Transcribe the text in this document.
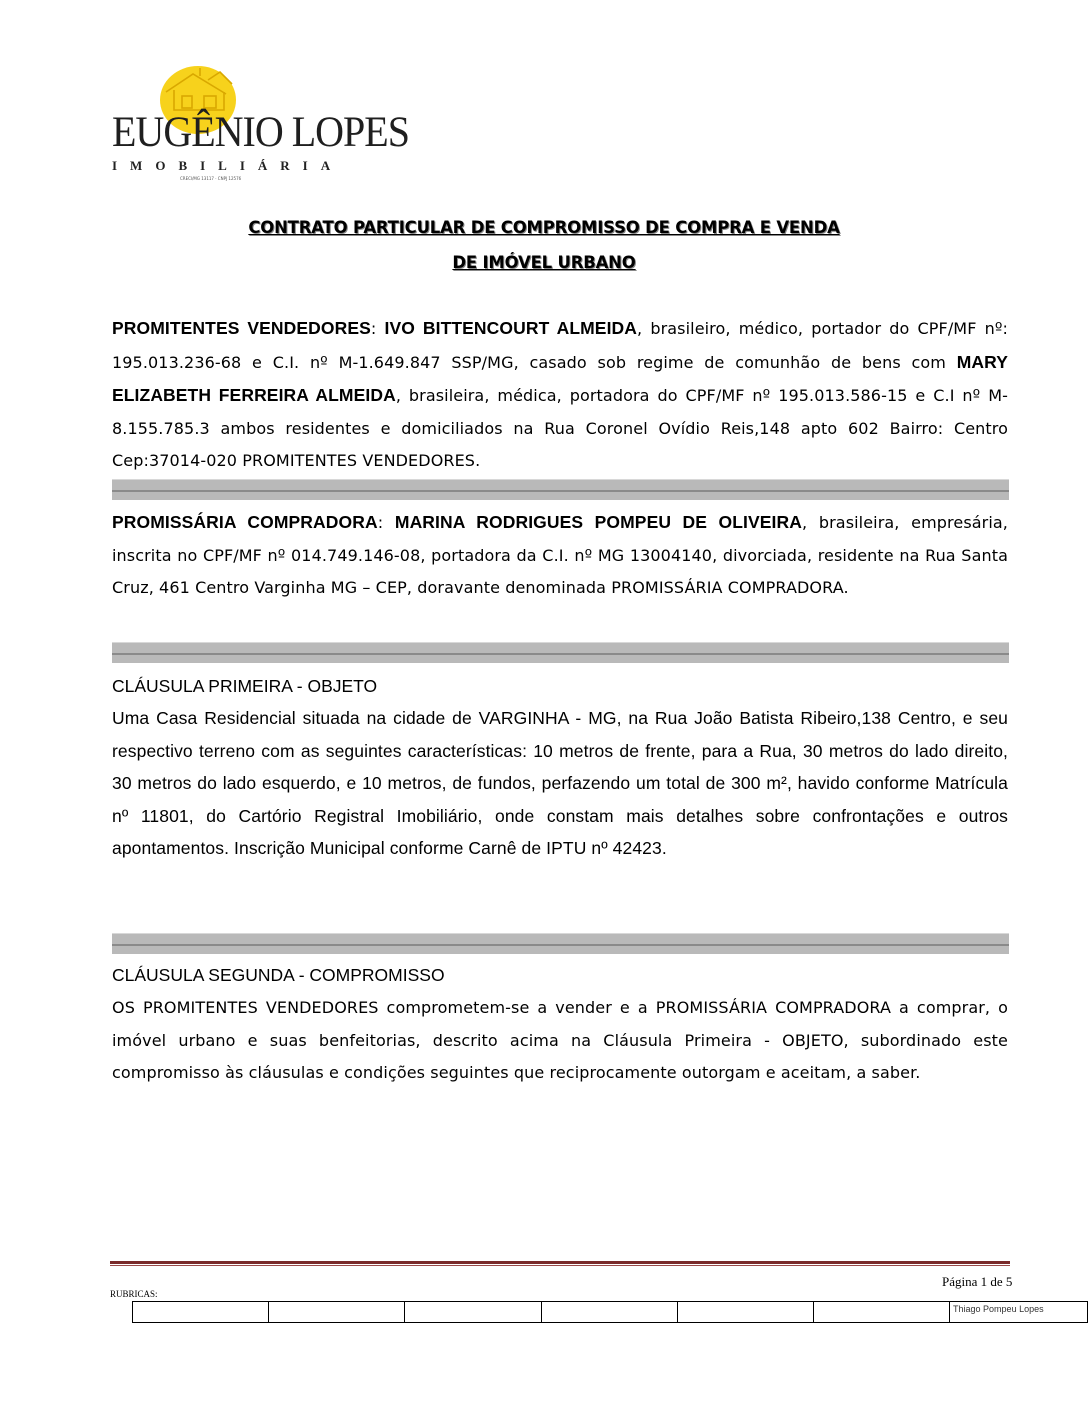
EUGÊNIO LOPES
IMOBILIÁRIA
CRECI/MG 13117 · CNPJ 12576
CONTRATO PARTICULAR DE COMPROMISSO DE COMPRA E VENDA
DE IMÓVEL URBANO
PROMITENTES VENDEDORES: IVO BITTENCOURT ALMEIDA, brasileiro, médico, portador do CPF/MF nº: 195.013.236-68 e C.I. nº M-1.649.847 SSP/MG, casado sob regime de comunhão de bens com MARY ELIZABETH FERREIRA ALMEIDA, brasileira, médica, portadora do CPF/MF nº 195.013.586-15 e C.I nº M-8.155.785.3 ambos residentes e domiciliados na Rua Coronel Ovídio Reis,148 apto 602 Bairro: Centro Cep:37014-020 PROMITENTES VENDEDORES.
PROMISSÁRIA COMPRADORA: MARINA RODRIGUES POMPEU DE OLIVEIRA, brasileira, empresária, inscrita no CPF/MF nº 014.749.146-08, portadora da C.I. nº MG 13004140, divorciada, residente na Rua Santa Cruz, 461 Centro Varginha MG – CEP, doravante denominada PROMISSÁRIA COMPRADORA.
CLÁUSULA PRIMEIRA - OBJETO
Uma Casa Residencial situada na cidade de VARGINHA - MG, na Rua João Batista Ribeiro,138 Centro, e seu respectivo terreno com as seguintes características: 10 metros de frente, para a Rua, 30 metros do lado direito, 30 metros do lado esquerdo, e 10 metros, de fundos, perfazendo um total de 300 m², havido conforme Matrícula nº 11801, do Cartório Registral Imobiliário, onde constam mais detalhes sobre confrontações e outros apontamentos. Inscrição Municipal conforme Carnê de IPTU nº 42423.
CLÁUSULA SEGUNDA - COMPROMISSO
OS PROMITENTES VENDEDORES comprometem-se a vender e a PROMISSÁRIA COMPRADORA a comprar, o imóvel urbano e suas benfeitorias, descrito acima na Cláusula Primeira - OBJETO, subordinado este compromisso às cláusulas e condições seguintes que reciprocamente outorgam e aceitam, a saber.
Página 1 de 5
RUBRICAS:

Thiago Pompeu Lopes
